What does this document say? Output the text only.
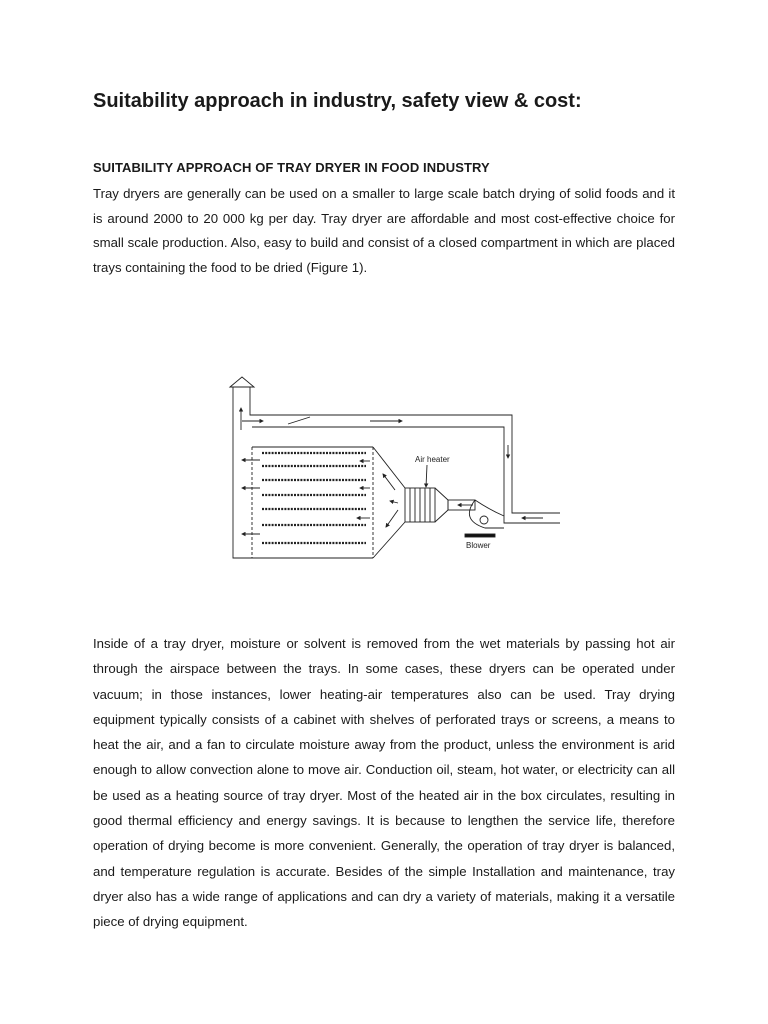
Suitability approach in industry, safety view & cost:
SUITABILITY APPROACH OF TRAY DRYER IN FOOD INDUSTRY

Tray dryers are generally can be used on a smaller to large scale batch drying of solid foods and it is around 2000 to 20 000 kg per day. Tray dryer are affordable and most cost-effective choice for small scale production. Also, easy to build and consist of a closed compartment in which are placed trays containing the food to be dried (Figure 1).

Air heater
Blower

Inside of a tray dryer, moisture or solvent is removed from the wet materials by passing hot air through the airspace between the trays. In some cases, these dryers can be operated under vacuum; in those instances, lower heating-air temperatures also can be used. Tray drying equipment typically consists of a cabinet with shelves of perforated trays or screens, a means to heat the air, and a fan to circulate moisture away from the product, unless the environment is arid enough to allow convection alone to move air. Conduction oil, steam, hot water, or electricity can all be used as a heating source of tray dryer. Most of the heated air in the box circulates, resulting in good thermal efficiency and energy savings. It is because to lengthen the service life, therefore operation of drying become is more convenient. Generally, the operation of tray dryer is balanced, and temperature regulation is accurate. Besides of the simple Installation and maintenance, tray dryer also has a wide range of applications and can dry a variety of materials, making it a versatile piece of drying equipment.
